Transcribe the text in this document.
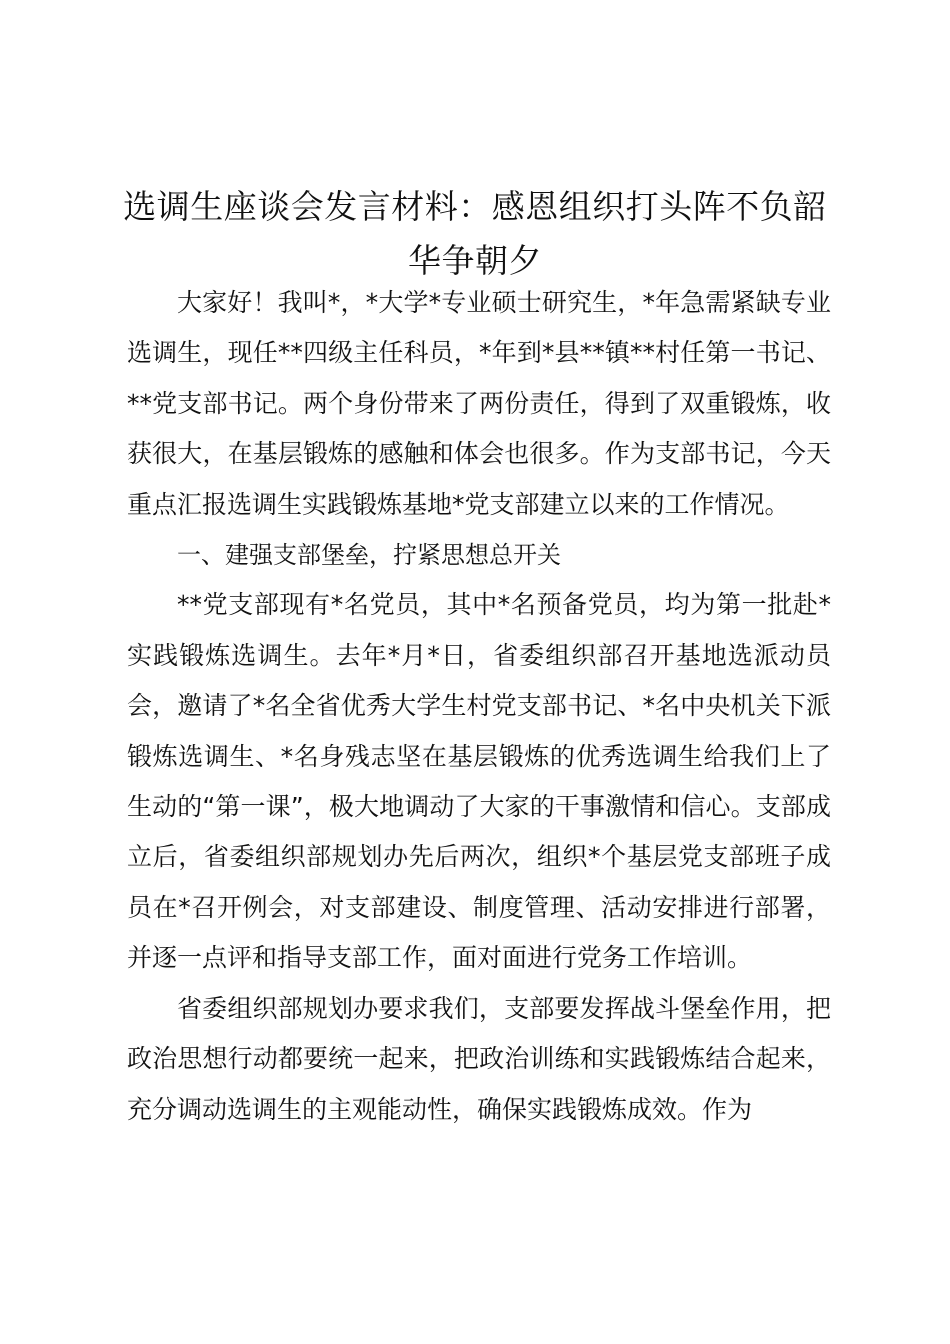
选调生座谈会发言材料：感恩组织打头阵不负韶华争朝夕

大家好！我叫*，*大学*专业硕士研究生，*年急需紧缺专业选调生，现任**四级主任科员，*年到*县**镇**村任第一书记、**党支部书记。两个身份带来了两份责任，得到了双重锻炼，收获很大，在基层锻炼的感触和体会也很多。作为支部书记，今天重点汇报选调生实践锻炼基地*党支部建立以来的工作情况。

一、建强支部堡垒，拧紧思想总开关

**党支部现有*名党员，其中*名预备党员，均为第一批赴*实践锻炼选调生。去年*月*日，省委组织部召开基地选派动员会，邀请了*名全省优秀大学生村党支部书记、*名中央机关下派锻炼选调生、*名身残志坚在基层锻炼的优秀选调生给我们上了生动的“第一课”，极大地调动了大家的干事激情和信心。支部成立后，省委组织部规划办先后两次，组织*个基层党支部班子成员在*召开例会，对支部建设、制度管理、活动安排进行部署，并逐一点评和指导支部工作，面对面进行党务工作培训。

省委组织部规划办要求我们，支部要发挥战斗堡垒作用，把政治思想行动都要统一起来，把政治训练和实践锻炼结合起来，充分调动选调生的主观能动性，确保实践锻炼成效。作为
